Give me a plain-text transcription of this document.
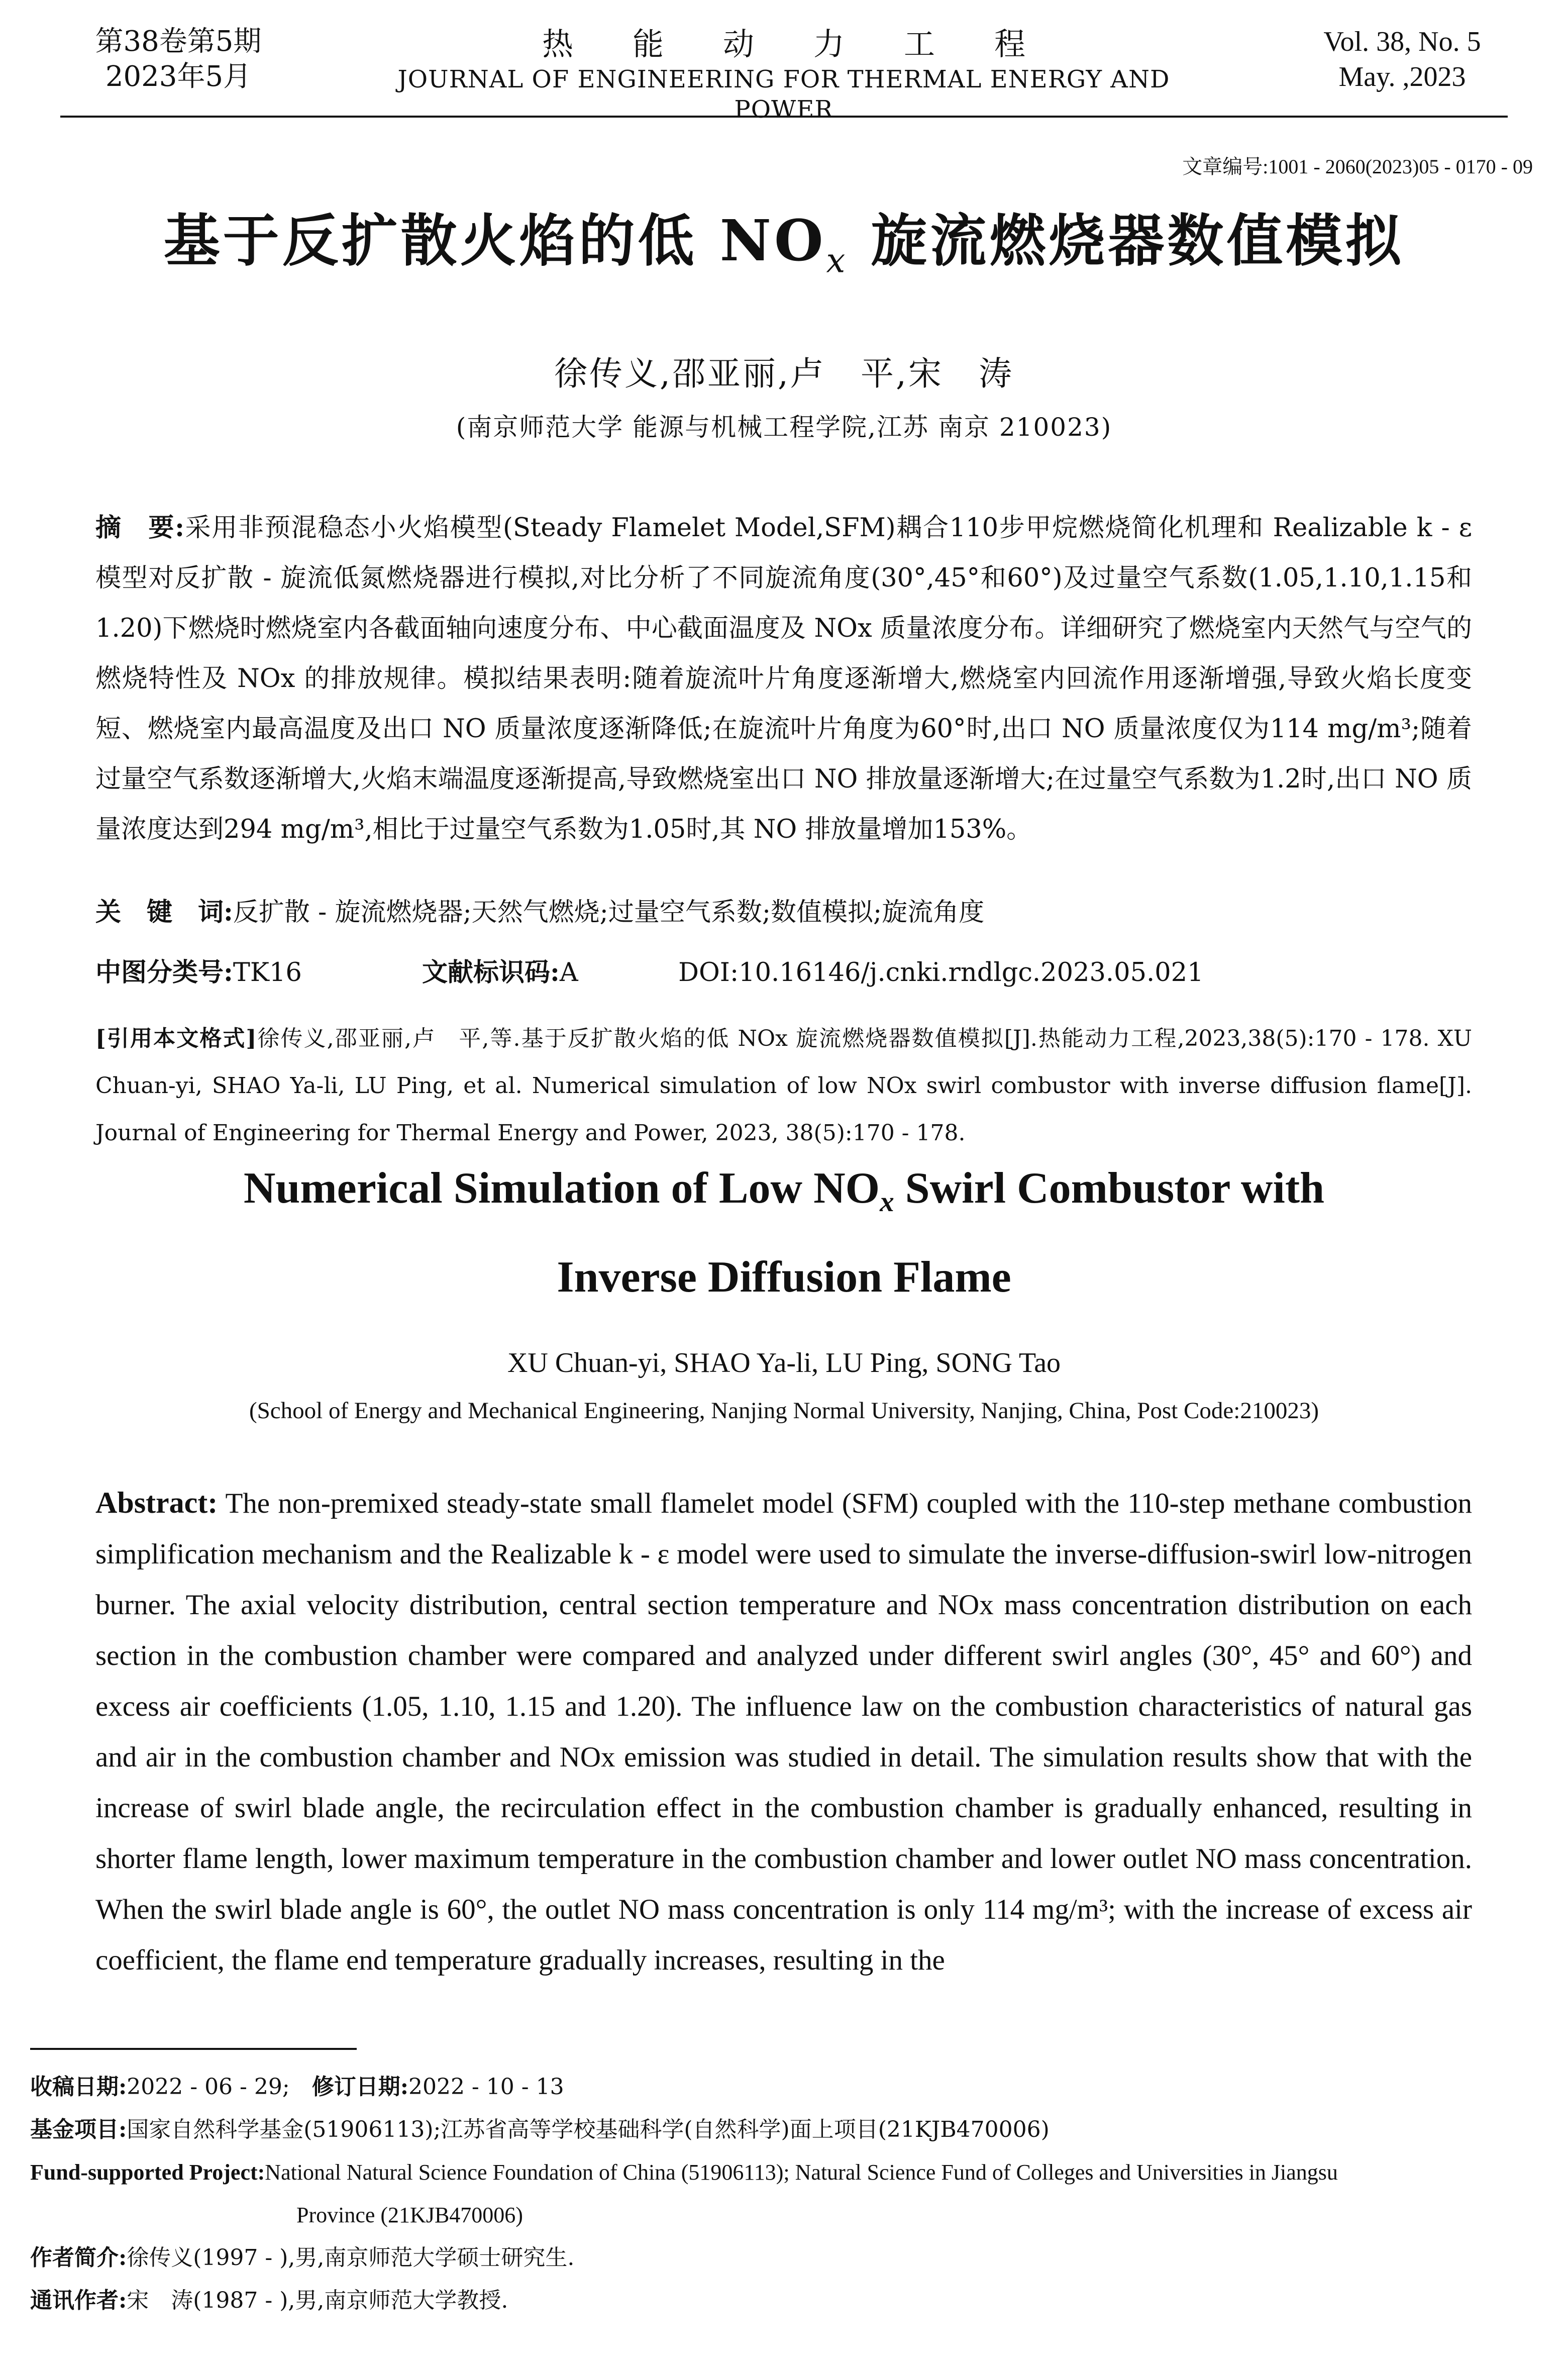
第38卷第5期
2023年5月
热能动力工程
JOURNAL OF ENGINEERING FOR THERMAL ENERGY AND POWER
Vol. 38, No. 5
May. ,2023
文章编号:1001 - 2060(2023)05 - 0170 - 09
基于反扩散火焰的低 $NO_x$ 旋流燃烧器数值模拟
徐传义,邵亚丽,卢　平,宋　涛
(南京师范大学 能源与机械工程学院,江苏 南京 210023)
摘　要:采用非预混稳态小火焰模型(Steady Flamelet Model,SFM)耦合110步甲烷燃烧简化机理和 Realizable k - ε 模型对反扩散 - 旋流低氮燃烧器进行模拟,对比分析了不同旋流角度(30°,45°和60°)及过量空气系数(1.05,1.10,1.15和1.20)下燃烧时燃烧室内各截面轴向速度分布、中心截面温度及 NOx 质量浓度分布。详细研究了燃烧室内天然气与空气的燃烧特性及 NOx 的排放规律。模拟结果表明:随着旋流叶片角度逐渐增大,燃烧室内回流作用逐渐增强,导致火焰长度变短、燃烧室内最高温度及出口 NO 质量浓度逐渐降低;在旋流叶片角度为60°时,出口 NO 质量浓度仅为114 mg/m³;随着过量空气系数逐渐增大,火焰末端温度逐渐提高,导致燃烧室出口 NO 排放量逐渐增大;在过量空气系数为1.2时,出口 NO 质量浓度达到294 mg/m³,相比于过量空气系数为1.05时,其 NO 排放量增加153%。
关　键　词:反扩散 - 旋流燃烧器;天然气燃烧;过量空气系数;数值模拟;旋流角度
中图分类号:TK16	文献标识码:A	DOI:10.16146/j.cnki.rndlgc.2023.05.021
[引用本文格式]徐传义,邵亚丽,卢　平,等.基于反扩散火焰的低 NOx 旋流燃烧器数值模拟[J].热能动力工程,2023,38(5):170 - 178. XU Chuan-yi, SHAO Ya-li, LU Ping, et al. Numerical simulation of low NOx swirl combustor with inverse diffusion flame[J]. Journal of Engineering for Thermal Energy and Power, 2023, 38(5):170 - 178.
Numerical Simulation of Low $NO_x$ Swirl Combustor with
Inverse Diffusion Flame
XU Chuan-yi, SHAO Ya-li, LU Ping, SONG Tao
(School of Energy and Mechanical Engineering, Nanjing Normal University, Nanjing, China, Post Code:210023)
Abstract: The non-premixed steady-state small flamelet model (SFM) coupled with the 110-step methane combustion simplification mechanism and the Realizable k - ε model were used to simulate the inverse-diffusion-swirl low-nitrogen burner. The axial velocity distribution, central section temperature and NOx mass concentration distribution on each section in the combustion chamber were compared and analyzed under different swirl angles (30°, 45° and 60°) and excess air coefficients (1.05, 1.10, 1.15 and 1.20). The influence law on the combustion characteristics of natural gas and air in the combustion chamber and NOx emission was studied in detail. The simulation results show that with the increase of swirl blade angle, the recirculation effect in the combustion chamber is gradually enhanced, resulting in shorter flame length, lower maximum temperature in the combustion chamber and lower outlet NO mass concentration. When the swirl blade angle is 60°, the outlet NO mass concentration is only 114 mg/m³; with the increase of excess air coefficient, the flame end temperature gradually increases, resulting in the
收稿日期:2022 - 06 - 29;　 修订日期:2022 - 10 - 13
基金项目:国家自然科学基金(51906113);江苏省高等学校基础科学(自然科学)面上项目(21KJB470006)
Fund-supported Project:National Natural Science Foundation of China (51906113); Natural Science Fund of Colleges and Universities in Jiangsu
Province (21KJB470006)
作者简介:徐传义(1997 - ),男,南京师范大学硕士研究生.
通讯作者:宋　涛(1987 - ),男,南京师范大学教授.
